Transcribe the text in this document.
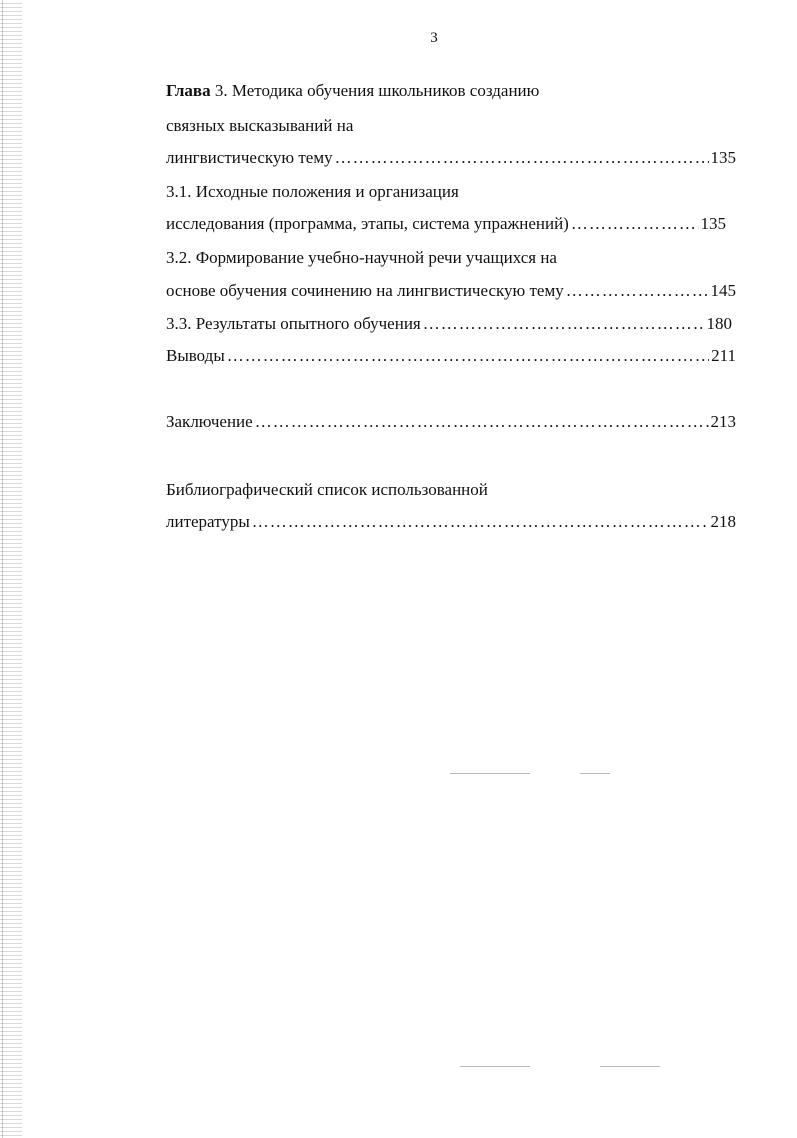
3
Глава 3. Методика обучения школьников созданию
связных высказываний на
лингвистическую тему ……………………………………………………………………………………………………………………	135
3.1. Исходные положения и организация
исследования (программа, этапы, система упражнений) ……………………………………………………………………………………………………………………	135
3.2. Формирование учебно-научной речи учащихся на
основе обучения сочинению на лингвистическую тему ……………………………………………………………………………………………………………………	145
3.3. Результаты опытного обучения ……………………………………………………………………………………………………………………	180
Выводы ……………………………………………………………………………………………………………………	211
Заключение ……………………………………………………………………………………………………………………	213
Библиографический список использованной
литературы ……………………………………………………………………………………………………………………	218
